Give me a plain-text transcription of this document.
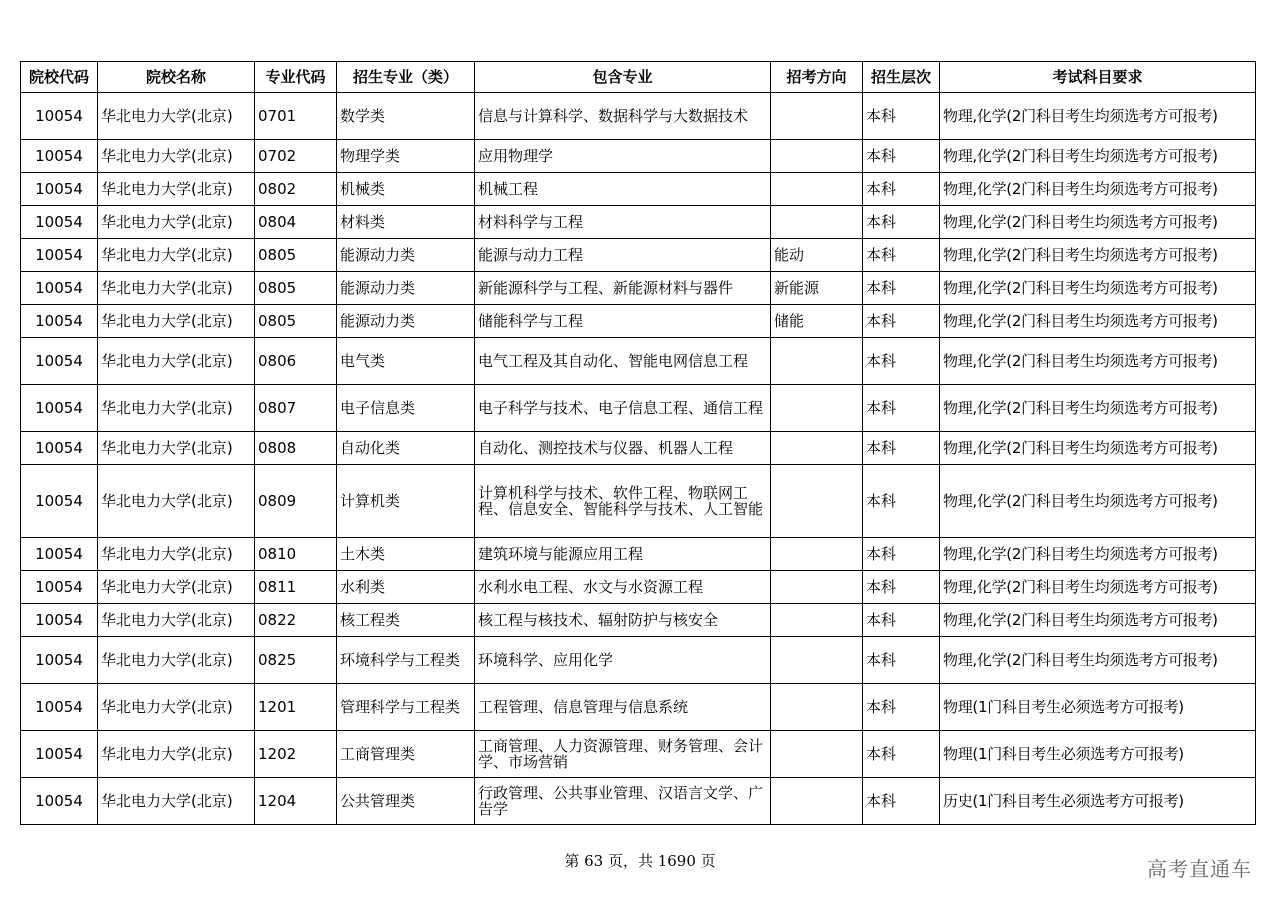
院校代码	院校名称	专业代码	招生专业（类）	包含专业	招考方向	招生层次	考试科目要求
10054	华北电力大学(北京)	0701	数学类	信息与计算科学、数据科学与大数据技术		本科	物理,化学(2门科目考生均须选考方可报考)
10054	华北电力大学(北京)	0702	物理学类	应用物理学		本科	物理,化学(2门科目考生均须选考方可报考)
10054	华北电力大学(北京)	0802	机械类	机械工程		本科	物理,化学(2门科目考生均须选考方可报考)
10054	华北电力大学(北京)	0804	材料类	材料科学与工程		本科	物理,化学(2门科目考生均须选考方可报考)
10054	华北电力大学(北京)	0805	能源动力类	能源与动力工程	能动	本科	物理,化学(2门科目考生均须选考方可报考)
10054	华北电力大学(北京)	0805	能源动力类	新能源科学与工程、新能源材料与器件	新能源	本科	物理,化学(2门科目考生均须选考方可报考)
10054	华北电力大学(北京)	0805	能源动力类	储能科学与工程	储能	本科	物理,化学(2门科目考生均须选考方可报考)
10054	华北电力大学(北京)	0806	电气类	电气工程及其自动化、智能电网信息工程		本科	物理,化学(2门科目考生均须选考方可报考)
10054	华北电力大学(北京)	0807	电子信息类	电子科学与技术、电子信息工程、通信工程		本科	物理,化学(2门科目考生均须选考方可报考)
10054	华北电力大学(北京)	0808	自动化类	自动化、测控技术与仪器、机器人工程		本科	物理,化学(2门科目考生均须选考方可报考)
10054	华北电力大学(北京)	0809	计算机类	计算机科学与技术、软件工程、物联网工程、信息安全、智能科学与技术、人工智能		本科	物理,化学(2门科目考生均须选考方可报考)
10054	华北电力大学(北京)	0810	土木类	建筑环境与能源应用工程		本科	物理,化学(2门科目考生均须选考方可报考)
10054	华北电力大学(北京)	0811	水利类	水利水电工程、水文与水资源工程		本科	物理,化学(2门科目考生均须选考方可报考)
10054	华北电力大学(北京)	0822	核工程类	核工程与核技术、辐射防护与核安全		本科	物理,化学(2门科目考生均须选考方可报考)
10054	华北电力大学(北京)	0825	环境科学与工程类	环境科学、应用化学		本科	物理,化学(2门科目考生均须选考方可报考)
10054	华北电力大学(北京)	1201	管理科学与工程类	工程管理、信息管理与信息系统		本科	物理(1门科目考生必须选考方可报考)
10054	华北电力大学(北京)	1202	工商管理类	工商管理、人力资源管理、财务管理、会计学、市场营销		本科	物理(1门科目考生必须选考方可报考)
10054	华北电力大学(北京)	1204	公共管理类	行政管理、公共事业管理、汉语言文学、广告学		本科	历史(1门科目考生必须选考方可报考)
第 63 页，共 1690 页	高考直通车
